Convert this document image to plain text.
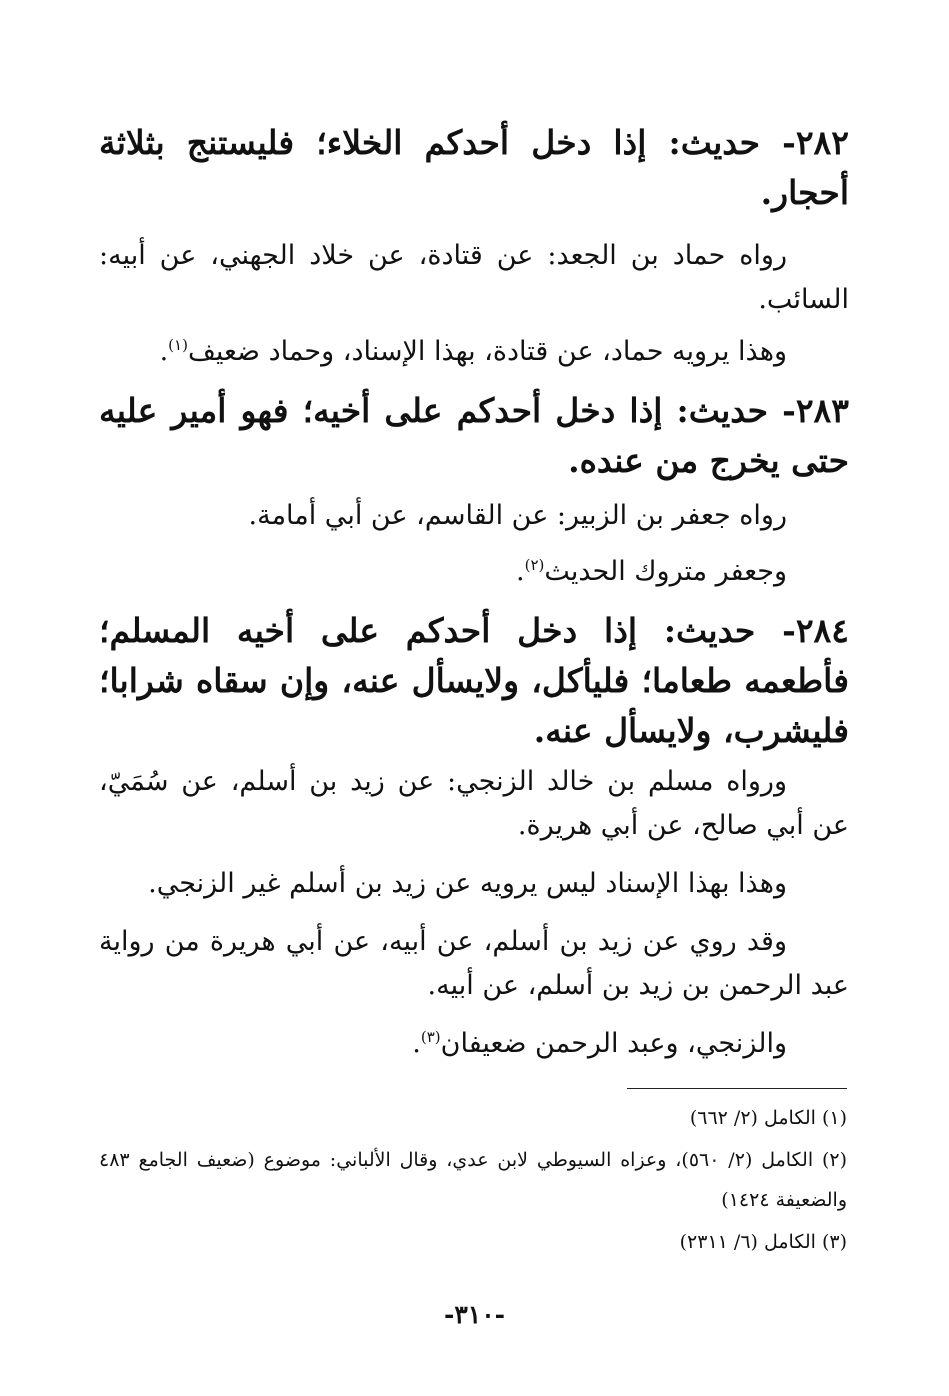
٢٨٢- حديث: إذا دخل أحدكم الخلاء؛ فليستنج بثلاثة أحجار.
رواه حماد بن الجعد: عن قتادة، عن خلاد الجهني، عن أبيه: السائب.
وهذا يرويه حماد، عن قتادة، بهذا الإسناد، وحماد ضعيف$^{(١)}$.
٢٨٣- حديث: إذا دخل أحدكم على أخيه؛ فهو أمير عليه حتى يخرج من عنده.
رواه جعفر بن الزبير: عن القاسم، عن أبي أمامة.
وجعفر متروك الحديث$^{(٢)}$.
٢٨٤- حديث: إذا دخل أحدكم على أخيه المسلم؛ فأطعمه طعاما؛ فليأكل، ولايسأل عنه، وإن سقاه شرابا؛ فليشرب، ولايسأل عنه.
ورواه مسلم بن خالد الزنجي: عن زيد بن أسلم، عن سُمَيّ، عن أبي صالح، عن أبي هريرة.
وهذا بهذا الإسناد ليس يرويه عن زيد بن أسلم غير الزنجي.
وقد روي عن زيد بن أسلم، عن أبيه، عن أبي هريرة من رواية عبد الرحمن بن زيد بن أسلم، عن أبيه.
والزنجي، وعبد الرحمن ضعيفان$^{(٣)}$.
(١) الكامل (٢/ ٦٦٢)
(٢) الكامل (٢/ ٥٦٠)، وعزاه السيوطي لابن عدي، وقال الألباني: موضوع (ضعيف الجامع ٤٨٣ والضعيفة ١٤٢٤)
(٣) الكامل (٦/ ٢٣١١)
-٣١٠-
